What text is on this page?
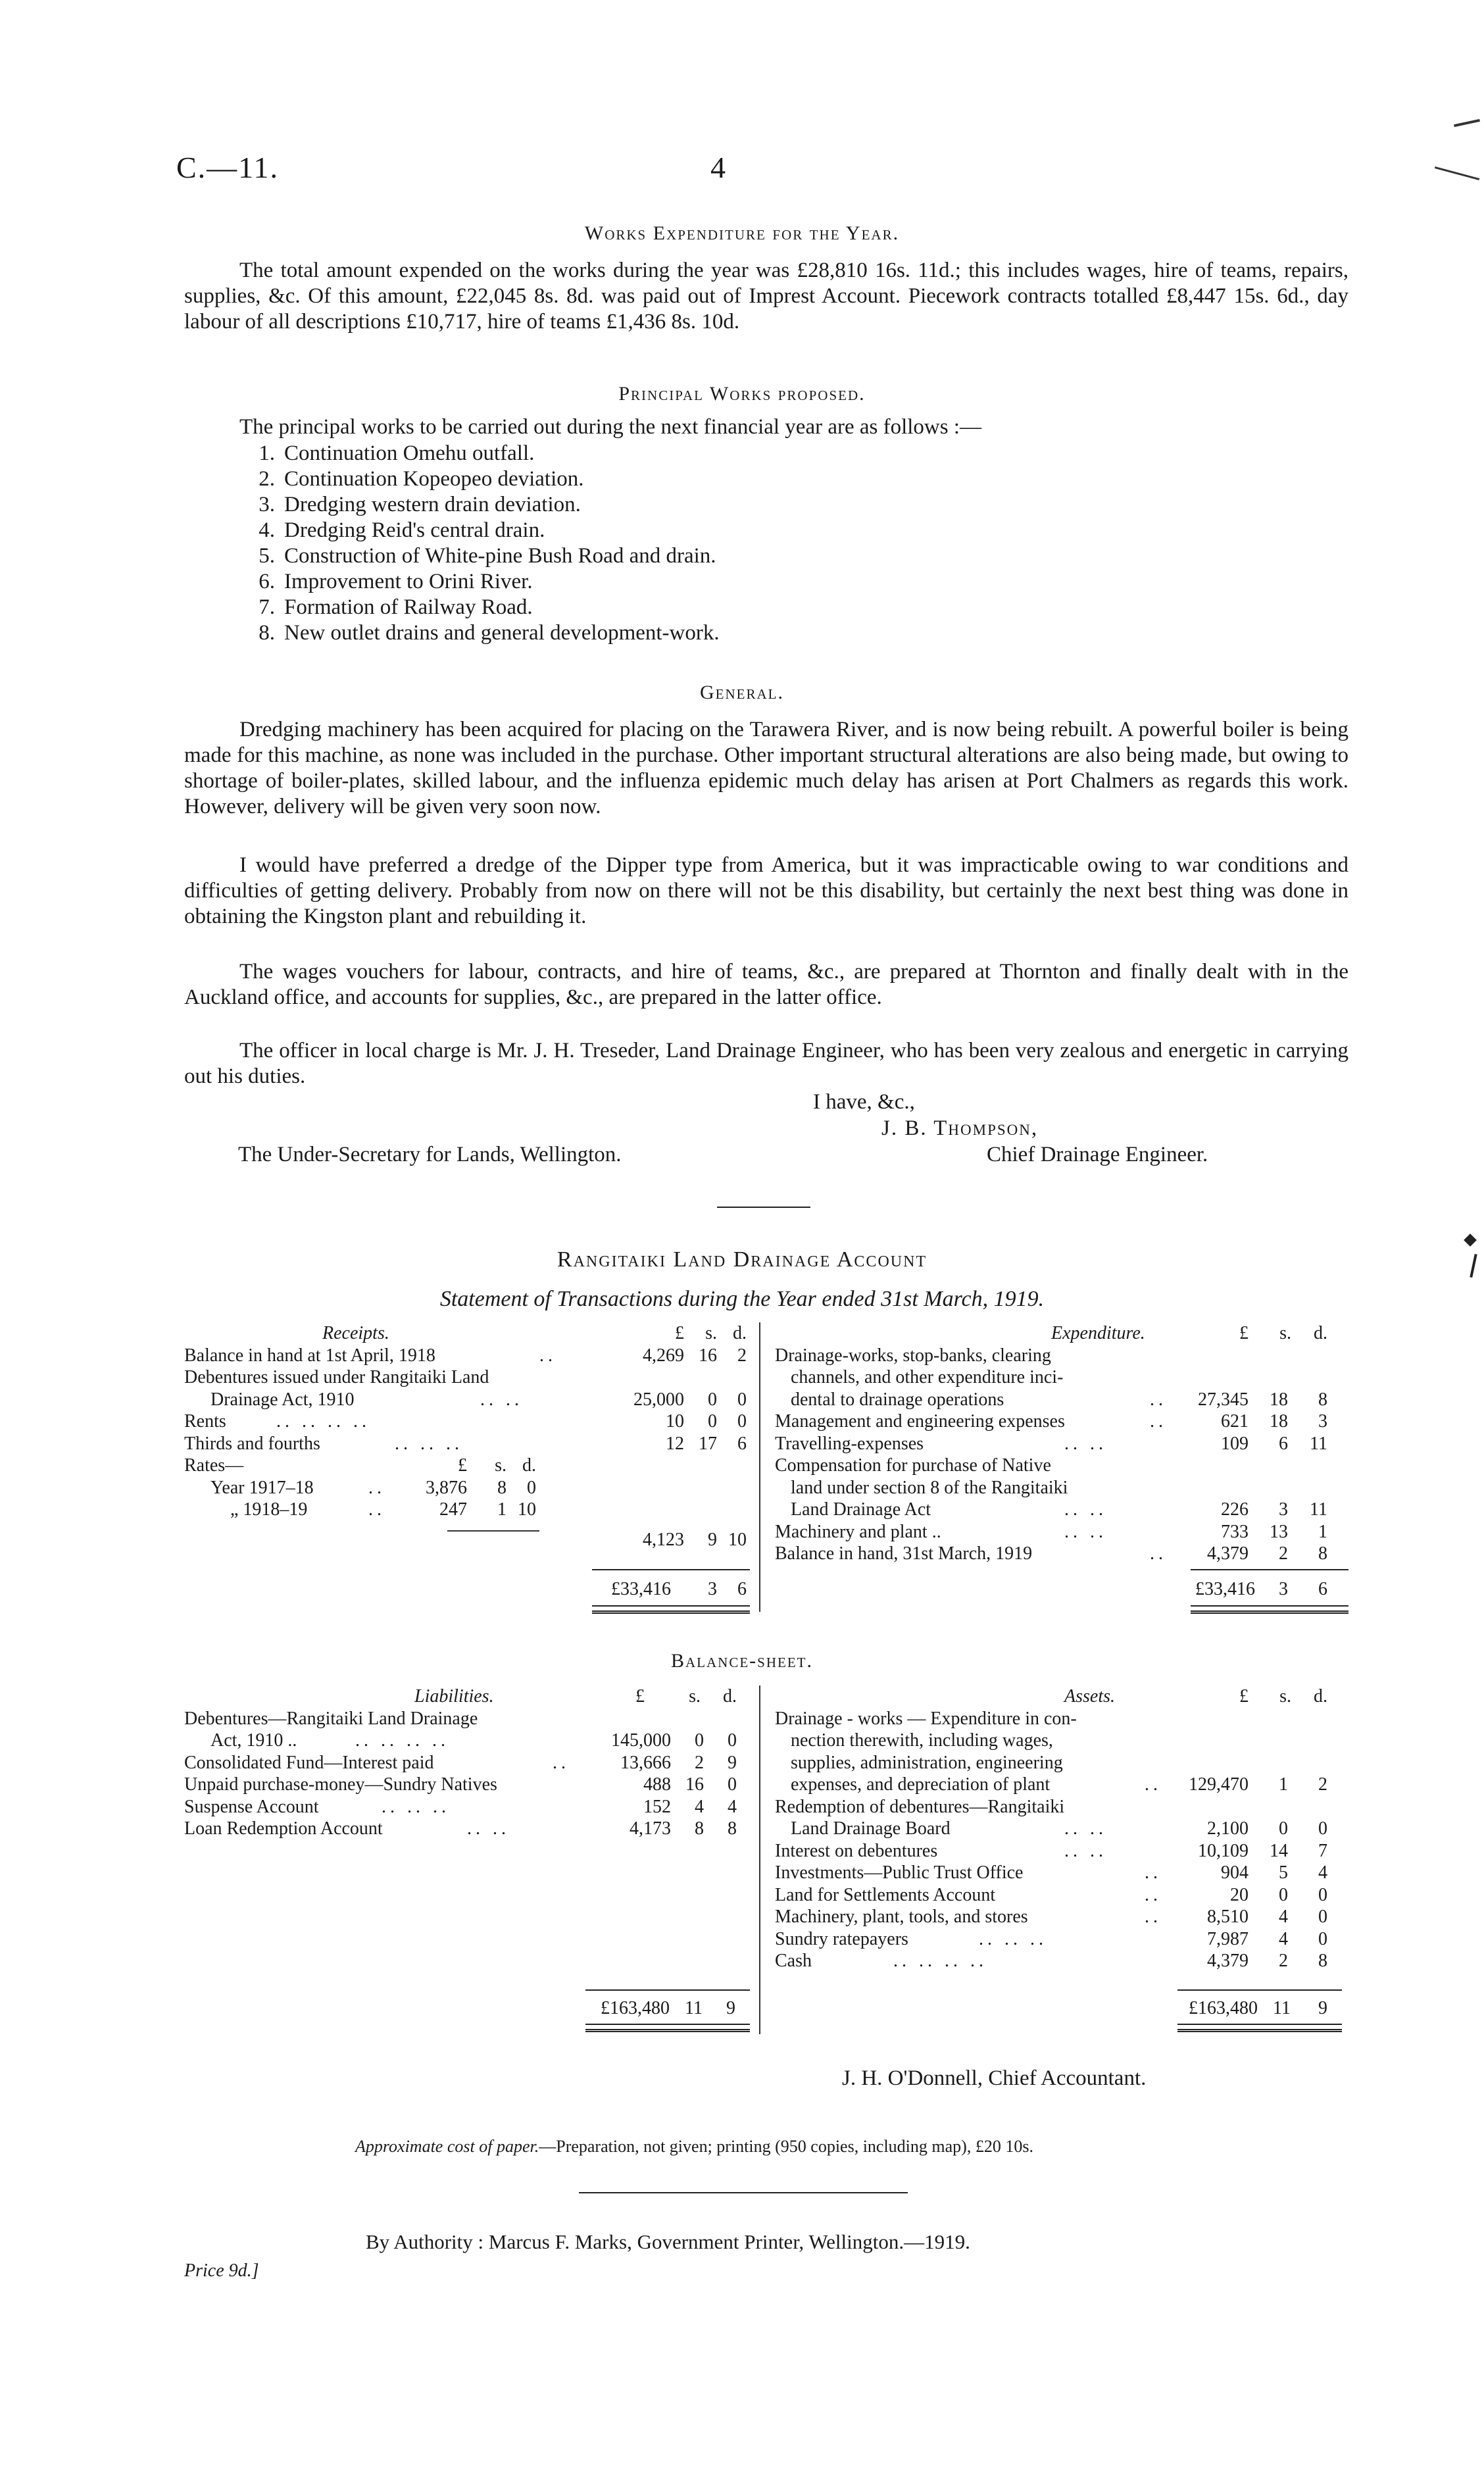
C.—11.	4
Works Expenditure for the Year.
The total amount expended on the works during the year was £28,810 16s. 11d.; this includes wages, hire of teams, repairs, supplies, &c. Of this amount, £22,045 8s. 8d. was paid out of Imprest Account. Piecework contracts totalled £8,447 15s. 6d., day labour of all descriptions £10,717, hire of teams £1,436 8s. 10d.
Principal Works proposed.
The principal works to be carried out during the next financial year are as follows :—
1. Continuation Omehu outfall.
2. Continuation Kopeopeo deviation.
3. Dredging western drain deviation.
4. Dredging Reid's central drain.
5. Construction of White-pine Bush Road and drain.
6. Improvement to Orini River.
7. Formation of Railway Road.
8. New outlet drains and general development-work.
General.
Dredging machinery has been acquired for placing on the Tarawera River, and is now being rebuilt. A powerful boiler is being made for this machine, as none was included in the purchase. Other important structural alterations are also being made, but owing to shortage of boiler-plates, skilled labour, and the influenza epidemic much delay has arisen at Port Chalmers as regards this work. However, delivery will be given very soon now.
I would have preferred a dredge of the Dipper type from America, but it was impracticable owing to war conditions and difficulties of getting delivery. Probably from now on there will not be this disability, but certainly the next best thing was done in obtaining the Kingston plant and rebuilding it.
The wages vouchers for labour, contracts, and hire of teams, &c., are prepared at Thornton and finally dealt with in the Auckland office, and accounts for supplies, &c., are prepared in the latter office.
The officer in local charge is Mr. J. H. Treseder, Land Drainage Engineer, who has been very zealous and energetic in carrying out his duties.
I have, &c.,
J. B. Thompson,
The Under-Secretary for Lands, Wellington.	Chief Drainage Engineer.
Rangitaiki Land Drainage Account
Statement of Transactions during the Year ended 31st March, 1919.
Receipts.	£	s. d.
Balance in hand at 1st April, 1918	..	4,269 16	2
Debentures issued under Rangitaiki Land
Drainage Act, 1910	.. ..	25,000	0	0
Rents	.. .. .. ..	10	0	0
Thirds and fourths	.. .. ..	12 17	6
Rates—	£	s. d.
Year 1917–18	..	3,876	8	0
„ 1918–19	..	247	1 10
4,123	9 10
£33,416	3	6
Expenditure.	£	s.	d.
Drainage-works, stop-banks, clearing
channels, and other expenditure inci-
dental to drainage operations	..	27,345	18	8
Management and engineering expenses	..	621	18	3
Travelling-expenses	.. ..	109	6	11
Compensation for purchase of Native
land under section 8 of the Rangitaiki
Land Drainage Act	.. ..	226	3	11
Machinery and plant ..	.. ..	733	13	1
Balance in hand, 31st March, 1919	..	4,379	2	8
£33,416	3	6
Balance-sheet.
Liabilities.	£	s.	d.
Debentures—Rangitaiki Land Drainage
Act, 1910 ..	.. .. .. ..	145,000	0	0
Consolidated Fund—Interest paid	..	13,666	2	9
Unpaid purchase-money—Sundry Natives	488 16	0
Suspense Account	.. .. ..	152	4	4
Loan Redemption Account	.. ..	4,173	8	8
£163,480 11	9
Assets.	£	s.	d.
Drainage - works — Expenditure in con-
nection therewith, including wages,
supplies, administration, engineering
expenses, and depreciation of plant	..	129,470	1	2
Redemption of debentures—Rangitaiki
Land Drainage Board	.. ..	2,100	0	0
Interest on debentures	.. ..	10,109	14	7
Investments—Public Trust Office	..	904	5	4
Land for Settlements Account	..	20	0	0
Machinery, plant, tools, and stores	..	8,510	4	0
Sundry ratepayers	.. .. ..	7,987	4	0
Cash	.. .. .. ..	4,379	2	8
£163,480 11	9
J. H. O'Donnell, Chief Accountant.
Approximate cost of paper.—Preparation, not given; printing (950 copies, including map), £20 10s.
By Authority : Marcus F. Marks, Government Printer, Wellington.—1919.
Price 9d.]
